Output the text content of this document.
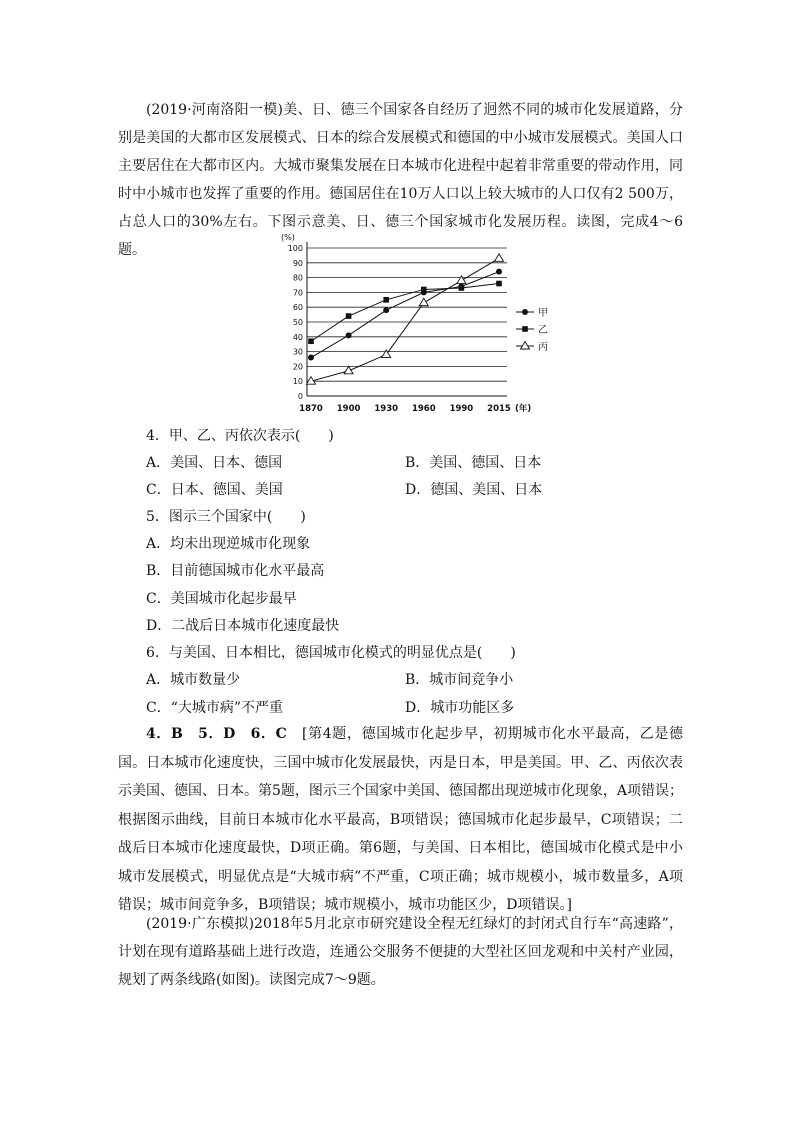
(2019·河南洛阳一模)美、日、德三个国家各自经历了迥然不同的城市化发展道路，分别是美国的大都市区发展模式、日本的综合发展模式和德国的中小城市发展模式。美国人口主要居住在大都市区内。大城市聚集发展在日本城市化进程中起着非常重要的带动作用，同时中小城市也发挥了重要的作用。德国居住在10万人口以上较大城市的人口仅有2 500万，占总人口的30%左右。下图示意美、日、德三个国家城市化发展历程。读图，完成4～6题。

0
10
20
30
40
50
60
70
80
90
100
(%)
1870 1900 1930 1960 1990 2015 (年)
甲
乙
丙
4．甲、乙、丙依次表示(　　)
A．美国、日本、德国	B．美国、德国、日本
C．日本、德国、美国	D．德国、美国、日本
5．图示三个国家中(　　)
A．均未出现逆城市化现象
B．目前德国城市化水平最高
C．美国城市化起步最早
D．二战后日本城市化速度最快
6．与美国、日本相比，德国城市化模式的明显优点是(　　)
A．城市数量少	B．城市间竞争小
C．“大城市病”不严重	D．城市功能区多

4．B　5．D　6．C　 [第4题，德国城市化起步早，初期城市化水平最高，乙是德国。日本城市化速度快，三国中城市化发展最快，丙是日本，甲是美国。甲、乙、丙依次表示美国、德国、日本。第5题，图示三个国家中美国、德国都出现逆城市化现象，A项错误；根据图示曲线，目前日本城市化水平最高，B项错误；德国城市化起步最早，C项错误；二战后日本城市化速度最快，D项正确。第6题，与美国、日本相比，德国城市化模式是中小城市发展模式，明显优点是“大城市病”不严重，C项正确；城市规模小，城市数量多，A项错误；城市间竞争多，B项错误；城市规模小，城市功能区少，D项错误。]

(2019·广东模拟)2018年5月北京市研究建设全程无红绿灯的封闭式自行车“高速路”，计划在现有道路基础上进行改造，连通公交服务不便捷的大型社区回龙观和中关村产业园，规划了两条线路(如图)。读图完成7～9题。
